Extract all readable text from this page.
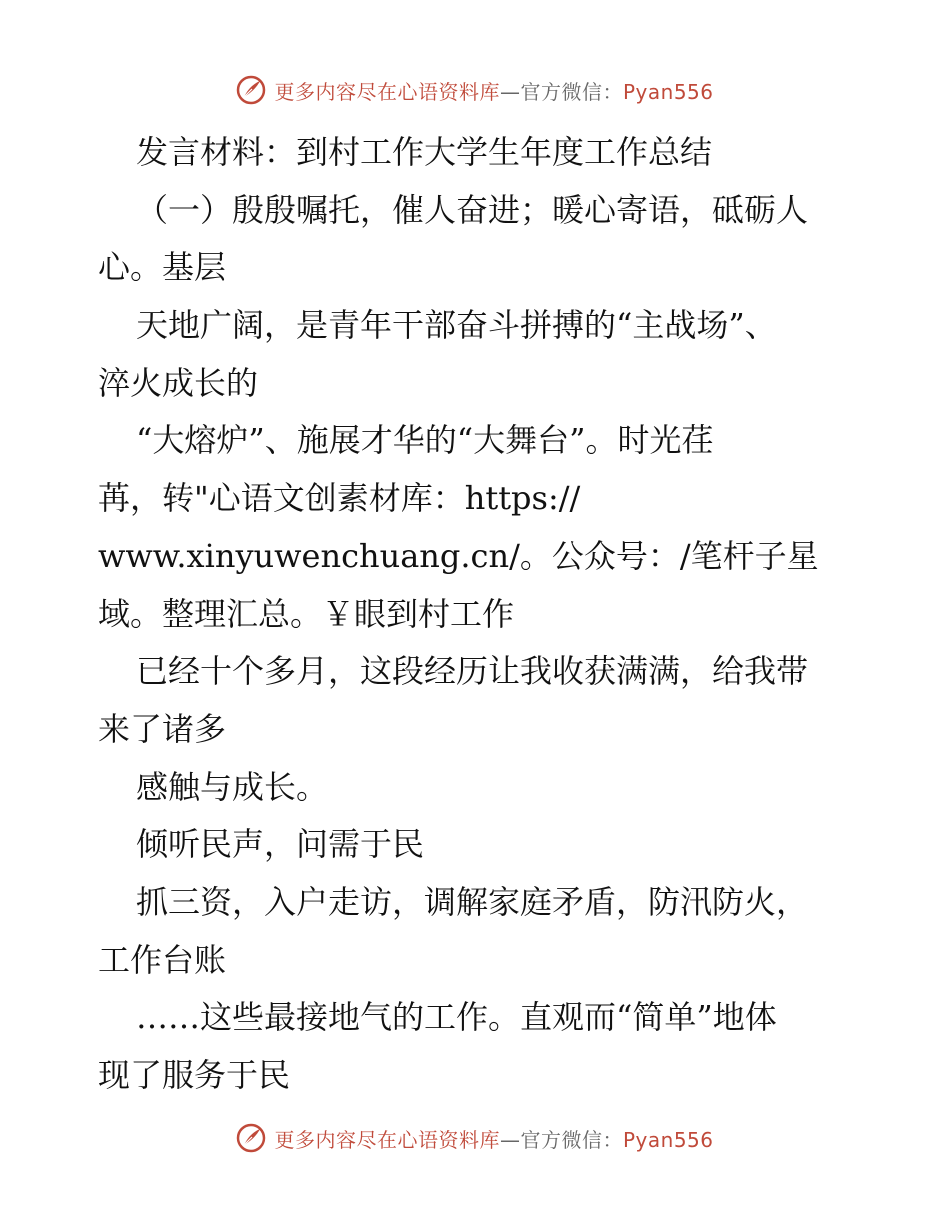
更多内容尽在心语资料库—官方微信：Pyan556
发言材料：到村工作大学生年度工作总结
（一）殷殷嘱托，催人奋进；暖心寄语，砥砺人
心。基层
天地广阔，是青年干部奋斗拼搏的“主战场”、
淬火成长的
“大熔炉”、施展才华的“大舞台”。时光荏
苒，转"心语文创素材库：https://
www.xinyuwenchuang.cn/。公众号：/笔杆子星
域。整理汇总。￥眼到村工作
已经十个多月，这段经历让我收获满满，给我带
来了诸多
感触与成长。
倾听民声，问需于民
抓三资，入户走访，调解家庭矛盾，防汛防火，
工作台账
……这些最接地气的工作。直观而“简单”地体
现了服务于民
更多内容尽在心语资料库—官方微信：Pyan556
